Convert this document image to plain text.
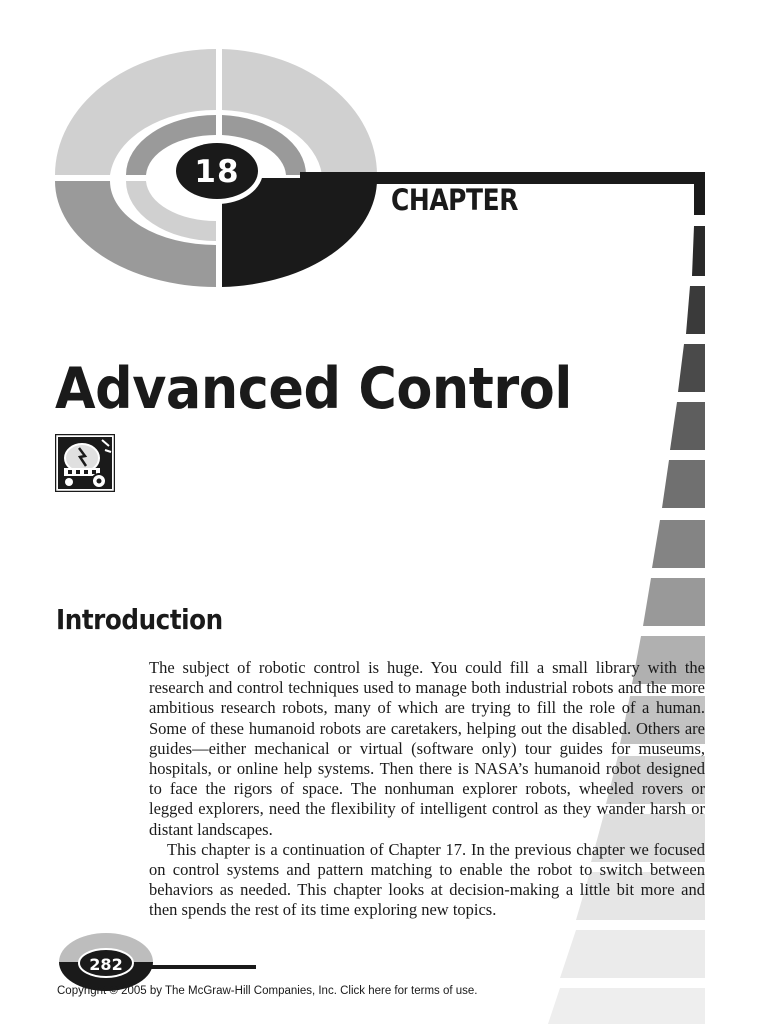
18
CHAPTER
Advanced Control
Introduction

The subject of robotic control is huge. You could fill a small library with the research and control techniques used to manage both industrial robots and the more ambitious research robots, many of which are trying to fill the role of a human. Some of these humanoid robots are caretakers, helping out the disabled. Others are guides—either mechanical or virtual (software only) tour guides for museums, hospitals, or online help systems. Then there is NASA’s humanoid robot designed to face the rigors of space. The nonhuman explorer robots, wheeled rovers or legged explorers, need the flexibility of intelligent control as they wander harsh or distant landscapes.

This chapter is a continuation of Chapter 17. In the previous chapter we focused on control systems and pattern matching to enable the robot to switch between behaviors as needed. This chapter looks at decision-making a little bit more and then spends the rest of its time exploring new topics.

282
Copyright © 2005 by The McGraw-Hill Companies, Inc. Click here for terms of use.
